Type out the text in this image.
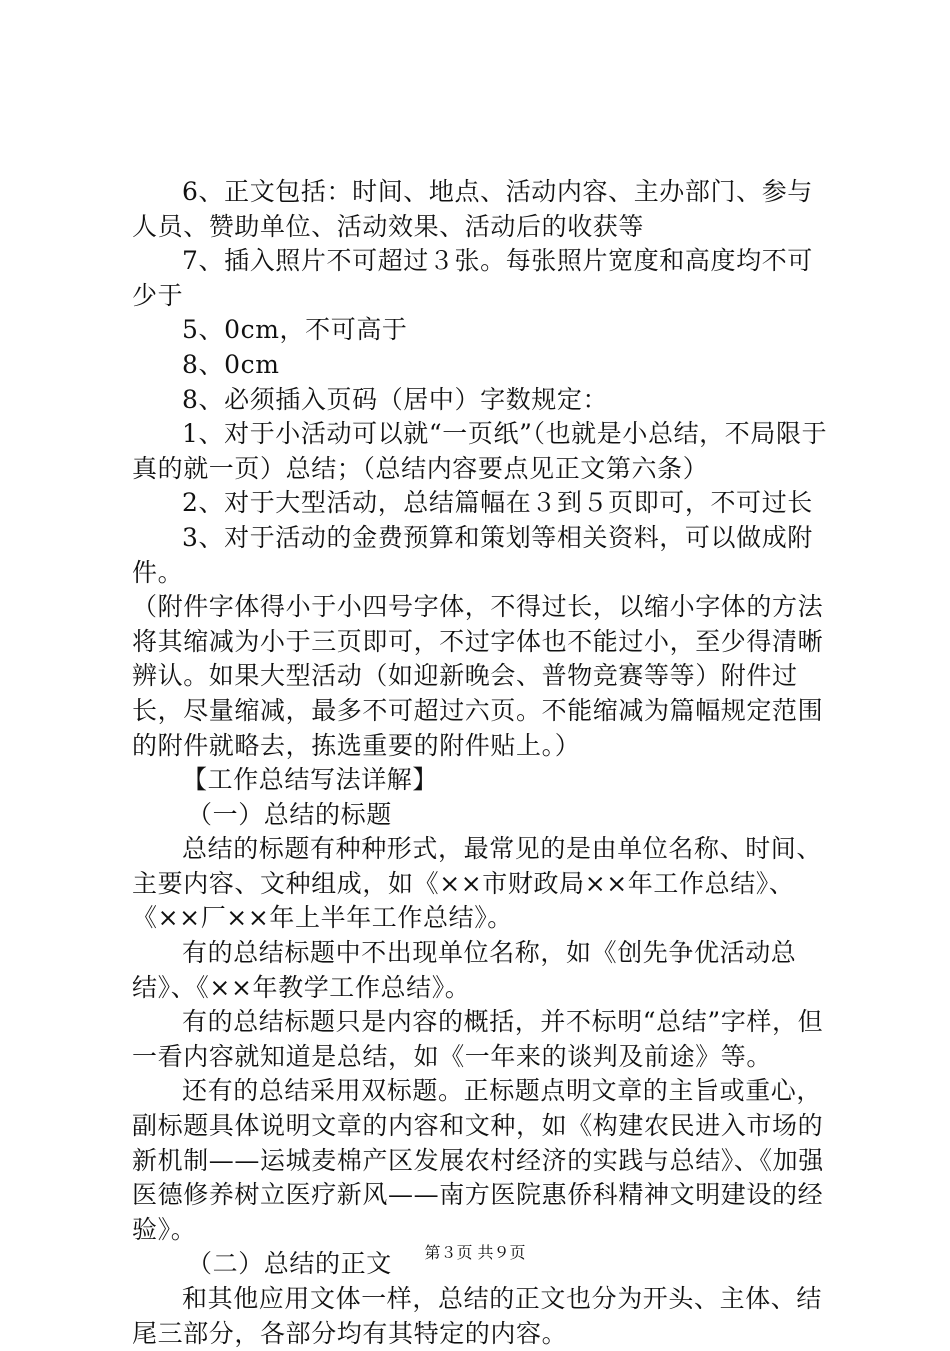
6、正文包括：时间、地点、活动内容、主办部门、参与人员、赞助单位、活动效果、活动后的收获等

7、插入照片不可超过３张。每张照片宽度和高度均不可少于

5、0cm，不可高于

8、0cm

8、必须插入页码（居中）字数规定：

1、对于小活动可以就“一页纸”（也就是小总结，不局限于真的就一页）总结；（总结内容要点见正文第六条）

2、对于大型活动，总结篇幅在３到５页即可，不可过长

3、对于活动的金费预算和策划等相关资料，可以做成附件。

（附件字体得小于小四号字体，不得过长，以缩小字体的方法将其缩减为小于三页即可，不过字体也不能过小，至少得清晰辨认。如果大型活动（如迎新晚会、普物竞赛等等）附件过长，尽量缩减，最多不可超过六页。不能缩减为篇幅规定范围的附件就略去，拣选重要的附件贴上。）

【工作总结写法详解】

（一）总结的标题

总结的标题有种种形式，最常见的是由单位名称、时间、主要内容、文种组成，如《××市财政局××年工作总结》、《××厂××年上半年工作总结》。

有的总结标题中不出现单位名称，如《创先争优活动总结》、《××年教学工作总结》。

有的总结标题只是内容的概括，并不标明“总结”字样，但一看内容就知道是总结，如《一年来的谈判及前途》等。

还有的总结采用双标题。正标题点明文章的主旨或重心，副标题具体说明文章的内容和文种，如《构建农民进入市场的新机制——运城麦棉产区发展农村经济的实践与总结》、《加强医德修养树立医疗新风——南方医院惠侨科精神文明建设的经验》。

（二）总结的正文

和其他应用文体一样，总结的正文也分为开头、主体、结尾三部分，各部分均有其特定的内容。

第３页 共９页
